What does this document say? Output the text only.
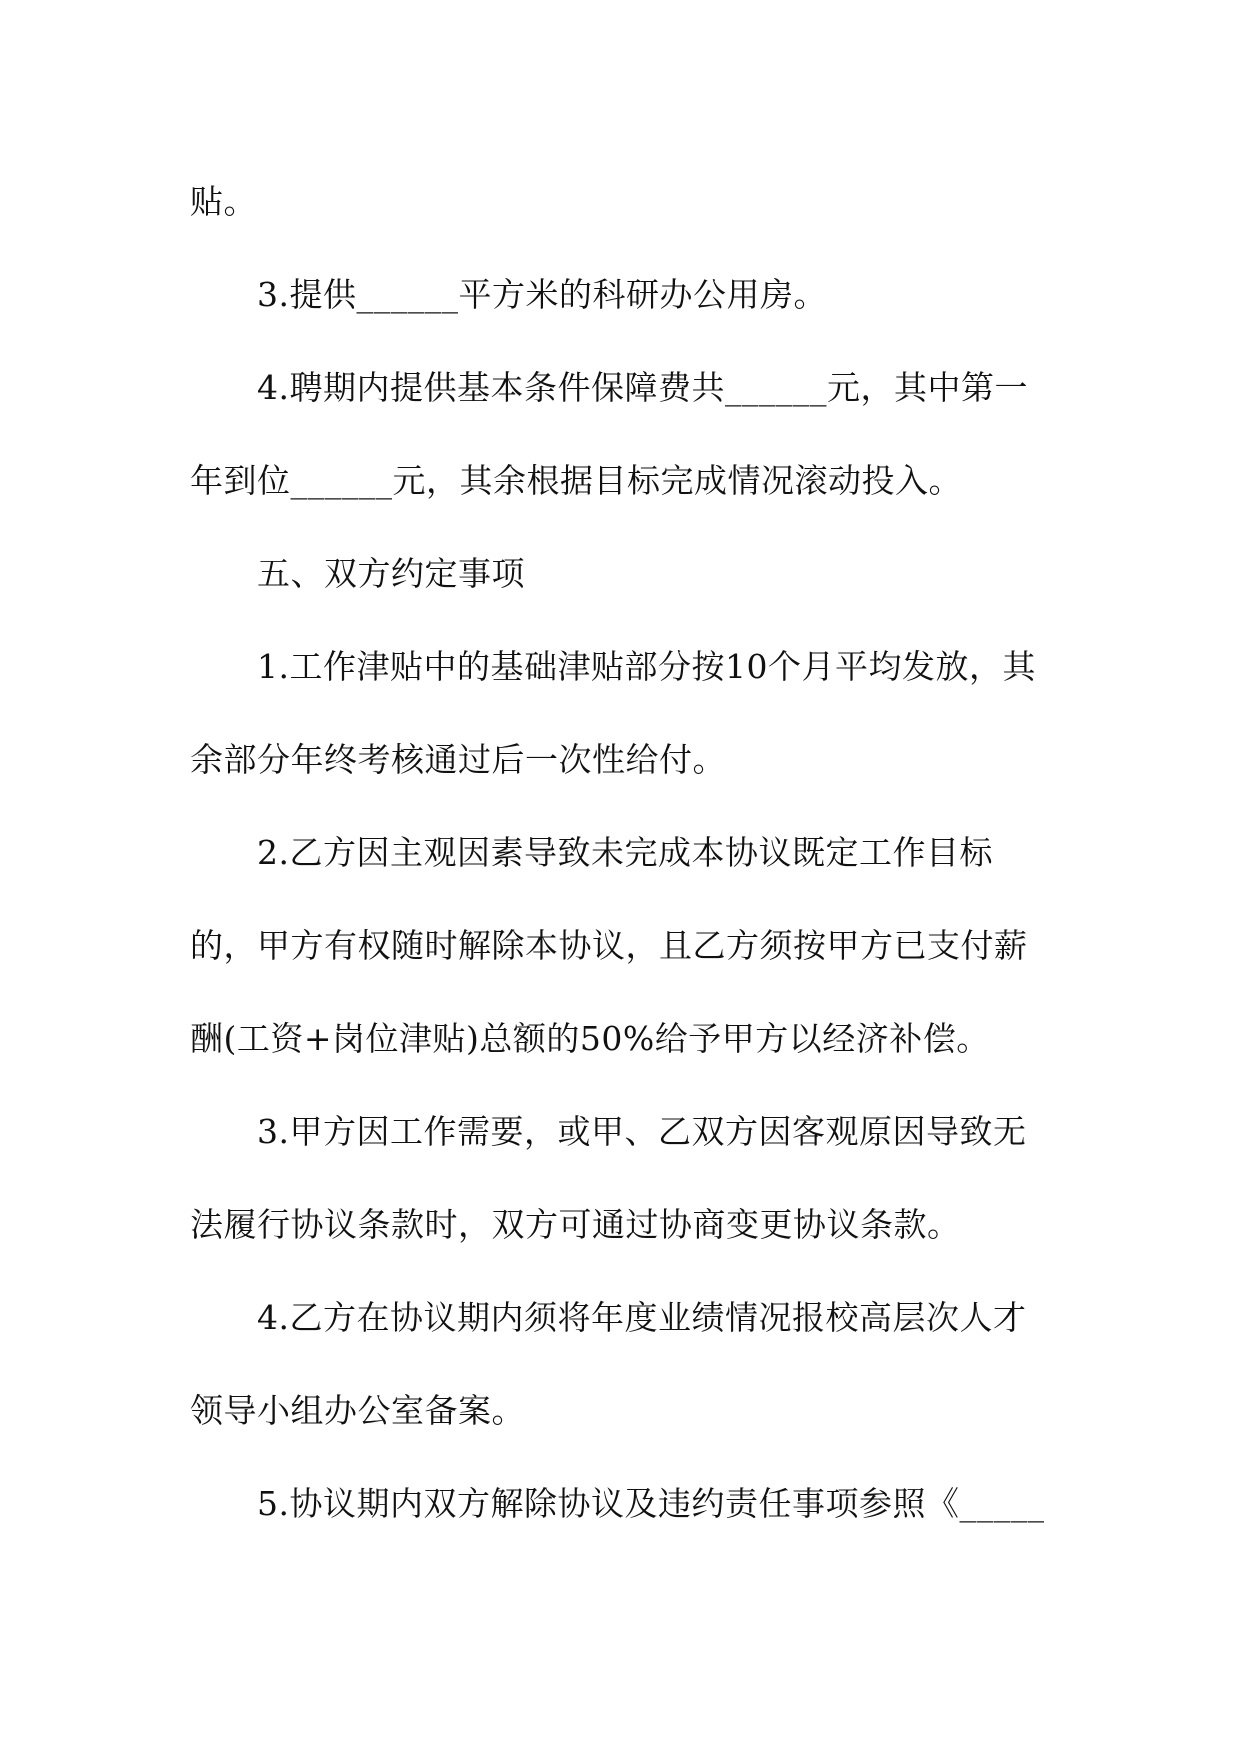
贴。
3.提供______平方米的科研办公用房。
4.聘期内提供基本条件保障费共______元，其中第一
年到位______元，其余根据目标完成情况滚动投入。
五、双方约定事项
1.工作津贴中的基础津贴部分按10个月平均发放，其
余部分年终考核通过后一次性给付。
2.乙方因主观因素导致未完成本协议既定工作目标
的，甲方有权随时解除本协议，且乙方须按甲方已支付薪
酬(工资+岗位津贴)总额的50%给予甲方以经济补偿。
3.甲方因工作需要，或甲、乙双方因客观原因导致无
法履行协议条款时，双方可通过协商变更协议条款。
4.乙方在协议期内须将年度业绩情况报校高层次人才
领导小组办公室备案。
5.协议期内双方解除协议及违约责任事项参照《_____
